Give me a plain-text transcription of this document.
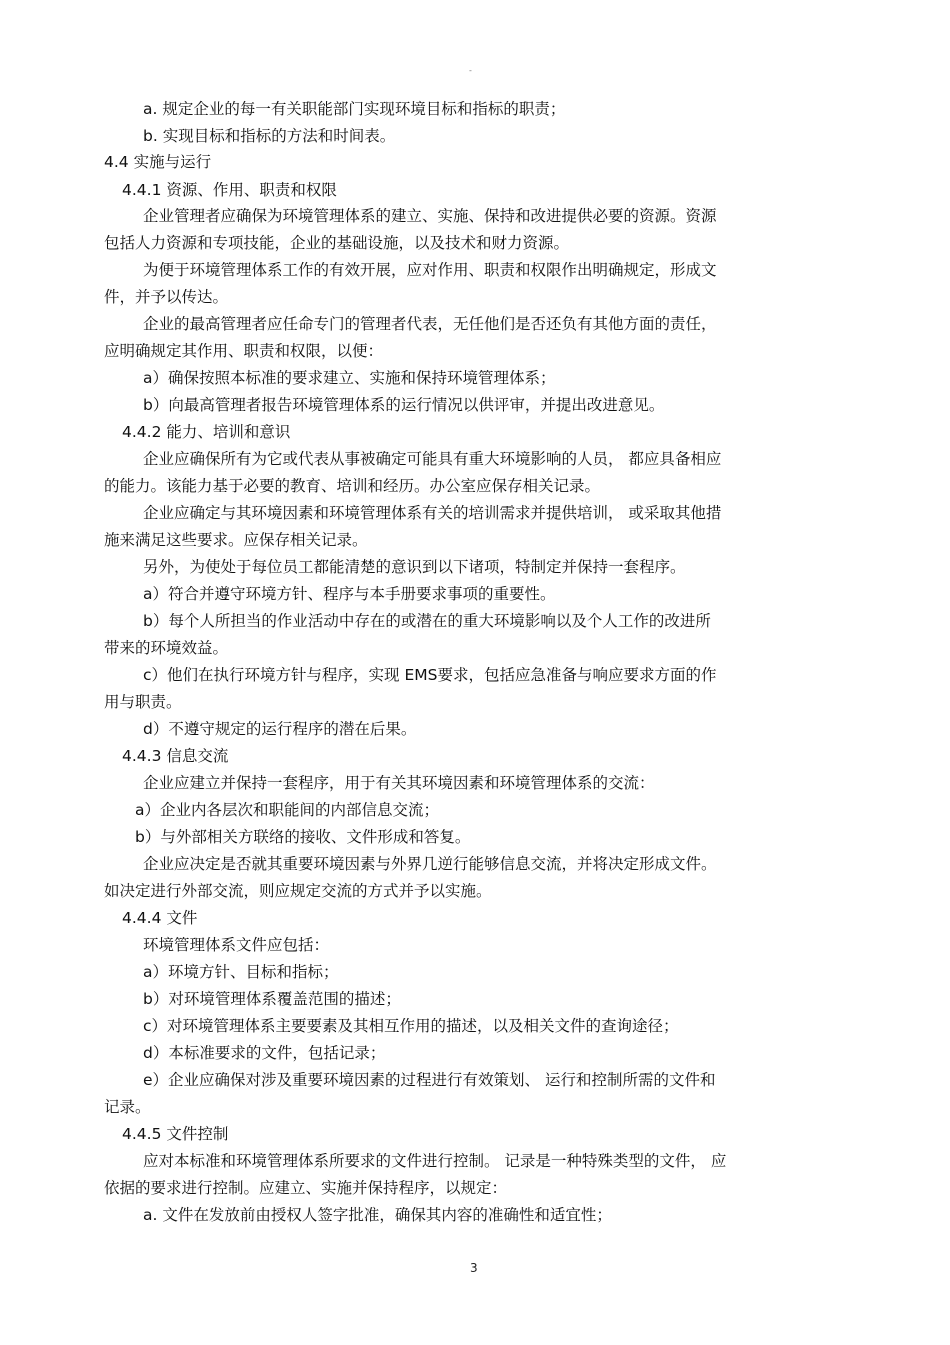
-
a. 规定企业的每一有关职能部门实现环境目标和指标的职责；
b. 实现目标和指标的方法和时间表。
4.4 实施与运行
4.4.1 资源、作用、职责和权限
企业管理者应确保为环境管理体系的建立、实施、保持和改进提供必要的资源。资源
包括人力资源和专项技能，企业的基础设施，以及技术和财力资源。
为便于环境管理体系工作的有效开展，应对作用、职责和权限作出明确规定，形成文
件，并予以传达。
企业的最高管理者应任命专门的管理者代表，无任他们是否还负有其他方面的责任，
应明确规定其作用、职责和权限，以便：
a）确保按照本标准的要求建立、实施和保持环境管理体系；
b）向最高管理者报告环境管理体系的运行情况以供评审，并提出改进意见。
4.4.2 能力、培训和意识
企业应确保所有为它或代表从事被确定可能具有重大环境影响的人员， 都应具备相应
的能力。该能力基于必要的教育、培训和经历。办公室应保存相关记录。
企业应确定与其环境因素和环境管理体系有关的培训需求并提供培训， 或采取其他措
施来满足这些要求。应保存相关记录。
另外，为使处于每位员工都能清楚的意识到以下诸项，特制定并保持一套程序。
a）符合并遵守环境方针、程序与本手册要求事项的重要性。
b）每个人所担当的作业活动中存在的或潜在的重大环境影响以及个人工作的改进所
带来的环境效益。
c）他们在执行环境方针与程序，实现 EMS要求，包括应急准备与响应要求方面的作
用与职责。
d）不遵守规定的运行程序的潜在后果。
4.4.3 信息交流
企业应建立并保持一套程序，用于有关其环境因素和环境管理体系的交流：
a）企业内各层次和职能间的内部信息交流；
b）与外部相关方联络的接收、文件形成和答复。
企业应决定是否就其重要环境因素与外界几逆行能够信息交流，并将决定形成文件。
如决定进行外部交流，则应规定交流的方式并予以实施。
4.4.4 文件
环境管理体系文件应包括：
a）环境方针、目标和指标；
b）对环境管理体系覆盖范围的描述；
c）对环境管理体系主要要素及其相互作用的描述，以及相关文件的查询途径；
d）本标准要求的文件，包括记录；
e）企业应确保对涉及重要环境因素的过程进行有效策划、 运行和控制所需的文件和
记录。
4.4.5 文件控制
应对本标准和环境管理体系所要求的文件进行控制。 记录是一种特殊类型的文件， 应
依据的要求进行控制。应建立、实施并保持程序，以规定：
a. 文件在发放前由授权人签字批准，确保其内容的准确性和适宜性；
3
